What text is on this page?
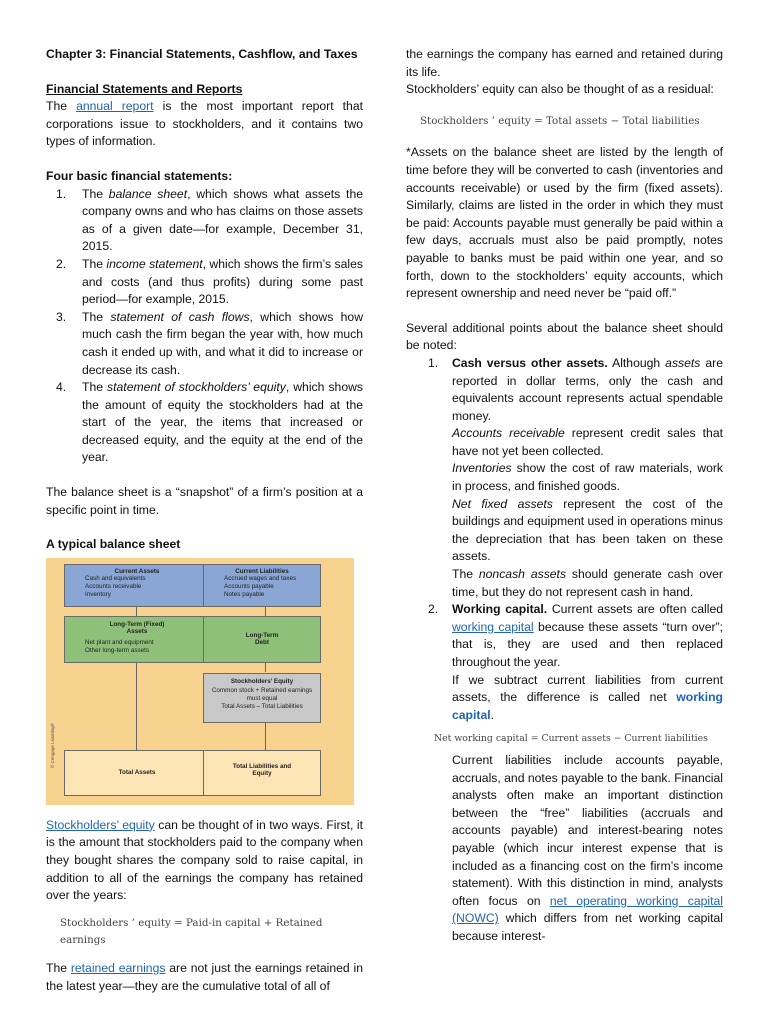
Chapter 3: Financial Statements, Cashflow, and Taxes

Financial Statements and Reports

The annual report is the most important report that corporations issue to stockholders, and it contains two types of information.

Four basic financial statements:

1.	The balance sheet, which shows what assets the company owns and who has claims on those assets as of a given date—for example, December 31, 2015.
2.	The income statement, which shows the firm’s sales and costs (and thus profits) during some past period—for example, 2015.
3.	The statement of cash flows, which shows how much cash the firm began the year with, how much cash it ended up with, and what it did to increase or decrease its cash.
4.	The statement of stockholders’ equity, which shows the amount of equity the stockholders had at the start of the year, the items that increased or decreased equity, and the equity at the end of the year.

The balance sheet is a “snapshot” of a firm’s position at a specific point in time.

A typical balance sheet

Current Assets
Cash and equivalents
Accounts receivable
Inventory
Current Liabilities
Accrued wages and taxes
Accounts payable
Notes payable
Long-Term (Fixed) Assets
Net plant and equipment
Other long-term assets
Long-Term Debt
Stockholders’ Equity
Common stock + Retained earnings
must equal
Total Assets – Total Liabilities
Total Assets
Total Liabilities and Equity
© Cengage Learning®

Stockholders’ equity can be thought of in two ways. First, it is the amount that stockholders paid to the company when they bought shares the company sold to raise capital, in addition to all of the earnings the company has retained over the years:

Stockholders ’ equity = Paid-in capital + Retained earnings

The retained earnings are not just the earnings retained in the latest year—they are the cumulative total of all of

the earnings the company has earned and retained during its life.

Stockholders’ equity can also be thought of as a residual:

Stockholders ’ equity = Total assets − Total liabilities

*Assets on the balance sheet are listed by the length of time before they will be converted to cash (inventories and accounts receivable) or used by the firm (fixed assets). Similarly, claims are listed in the order in which they must be paid: Accounts payable must generally be paid within a few days, accruals must also be paid promptly, notes payable to banks must be paid within one year, and so forth, down to the stockholders’ equity accounts, which represent ownership and need never be “paid off.”

Several additional points about the balance sheet should be noted:

1.	Cash versus other assets. Although assets are reported in dollar terms, only the cash and equivalents account represents actual spendable money.

Accounts receivable represent credit sales that have not yet been collected.

Inventories show the cost of raw materials, work in process, and finished goods.

Net fixed assets represent the cost of the buildings and equipment used in operations minus the depreciation that has been taken on these assets.

The noncash assets should generate cash over time, but they do not represent cash in hand.

2.	Working capital. Current assets are often called working capital because these assets “turn over”; that is, they are used and then replaced throughout the year.

If we subtract current liabilities from current assets, the difference is called net working capital.

Net working capital = Current assets − Current liabilities

Current liabilities include accounts payable, accruals, and notes payable to the bank. Financial analysts often make an important distinction between the “free” liabilities (accruals and accounts payable) and interest-bearing notes payable (which incur interest expense that is included as a financing cost on the firm’s income statement). With this distinction in mind, analysts often focus on net operating working capital (NOWC) which differs from net working capital because interest-
